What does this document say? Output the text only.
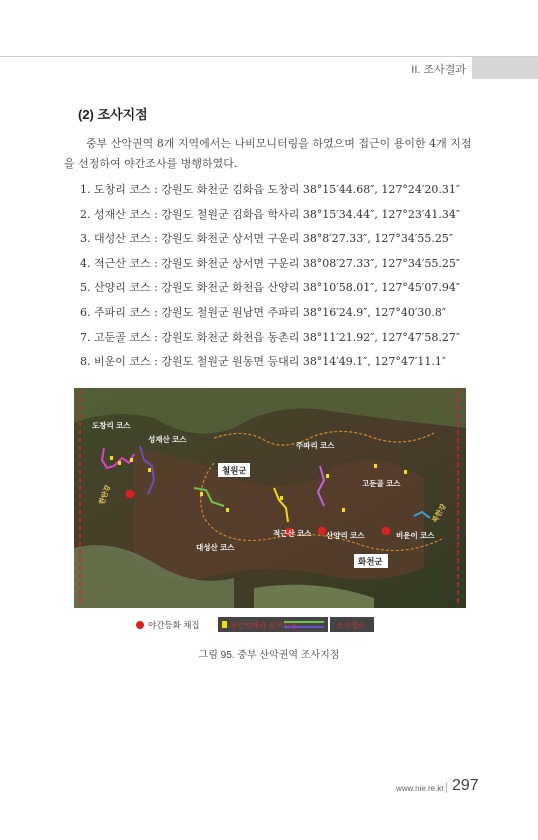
II. 조사결과
(2) 조사지점
중부 산악권역 8개 지역에서는 나비모니터링을 하였으며 접근이 용이한 4개 지점을 선정하여 야간조사를 병행하였다.
1. 도창리 코스 : 강원도 화천군 김화읍 도창리 38°15′44.68″, 127°24′20.31″
2. 성재산 코스 : 강원도 철원군 김화읍 학사리 38°15′34.44″, 127°23′41.34″
3. 대성산 코스 : 강원도 화천군 상서면 구운리 38°8′27.33″, 127°34′55.25″
4. 적근산 코스 : 강원도 화천군 상서면 구운리 38°08′27.33″, 127°34′55.25″
5. 산양리 코스 : 강원도 화천군 화천읍 산양리 38°10′58.01″, 127°45′07.94″
6. 주파리 코스 : 강원도 철원군 원남면 주파리 38°16′24.9″, 127°40′30.8″
7. 고둔골 코스 : 강원도 화천군 화천읍 동촌리 38°11′21.92″, 127°47′58.27″
8. 비운이 코스 : 강원도 철원군 원동면 등대리 38°14′49.1″, 127°47′11.1″
도창리 코스
성재산 코스
주파리 코스
철원군
고둔골 코스
대성산 코스
적근산 코스 산양리 코스	비운이 코스
화천군
한탄강
북한강
야간등화 채집	무인카메라 설치지점	조사경로
그림 95. 중부 산악권역 조사지점
www.nie.re.kr | 297
